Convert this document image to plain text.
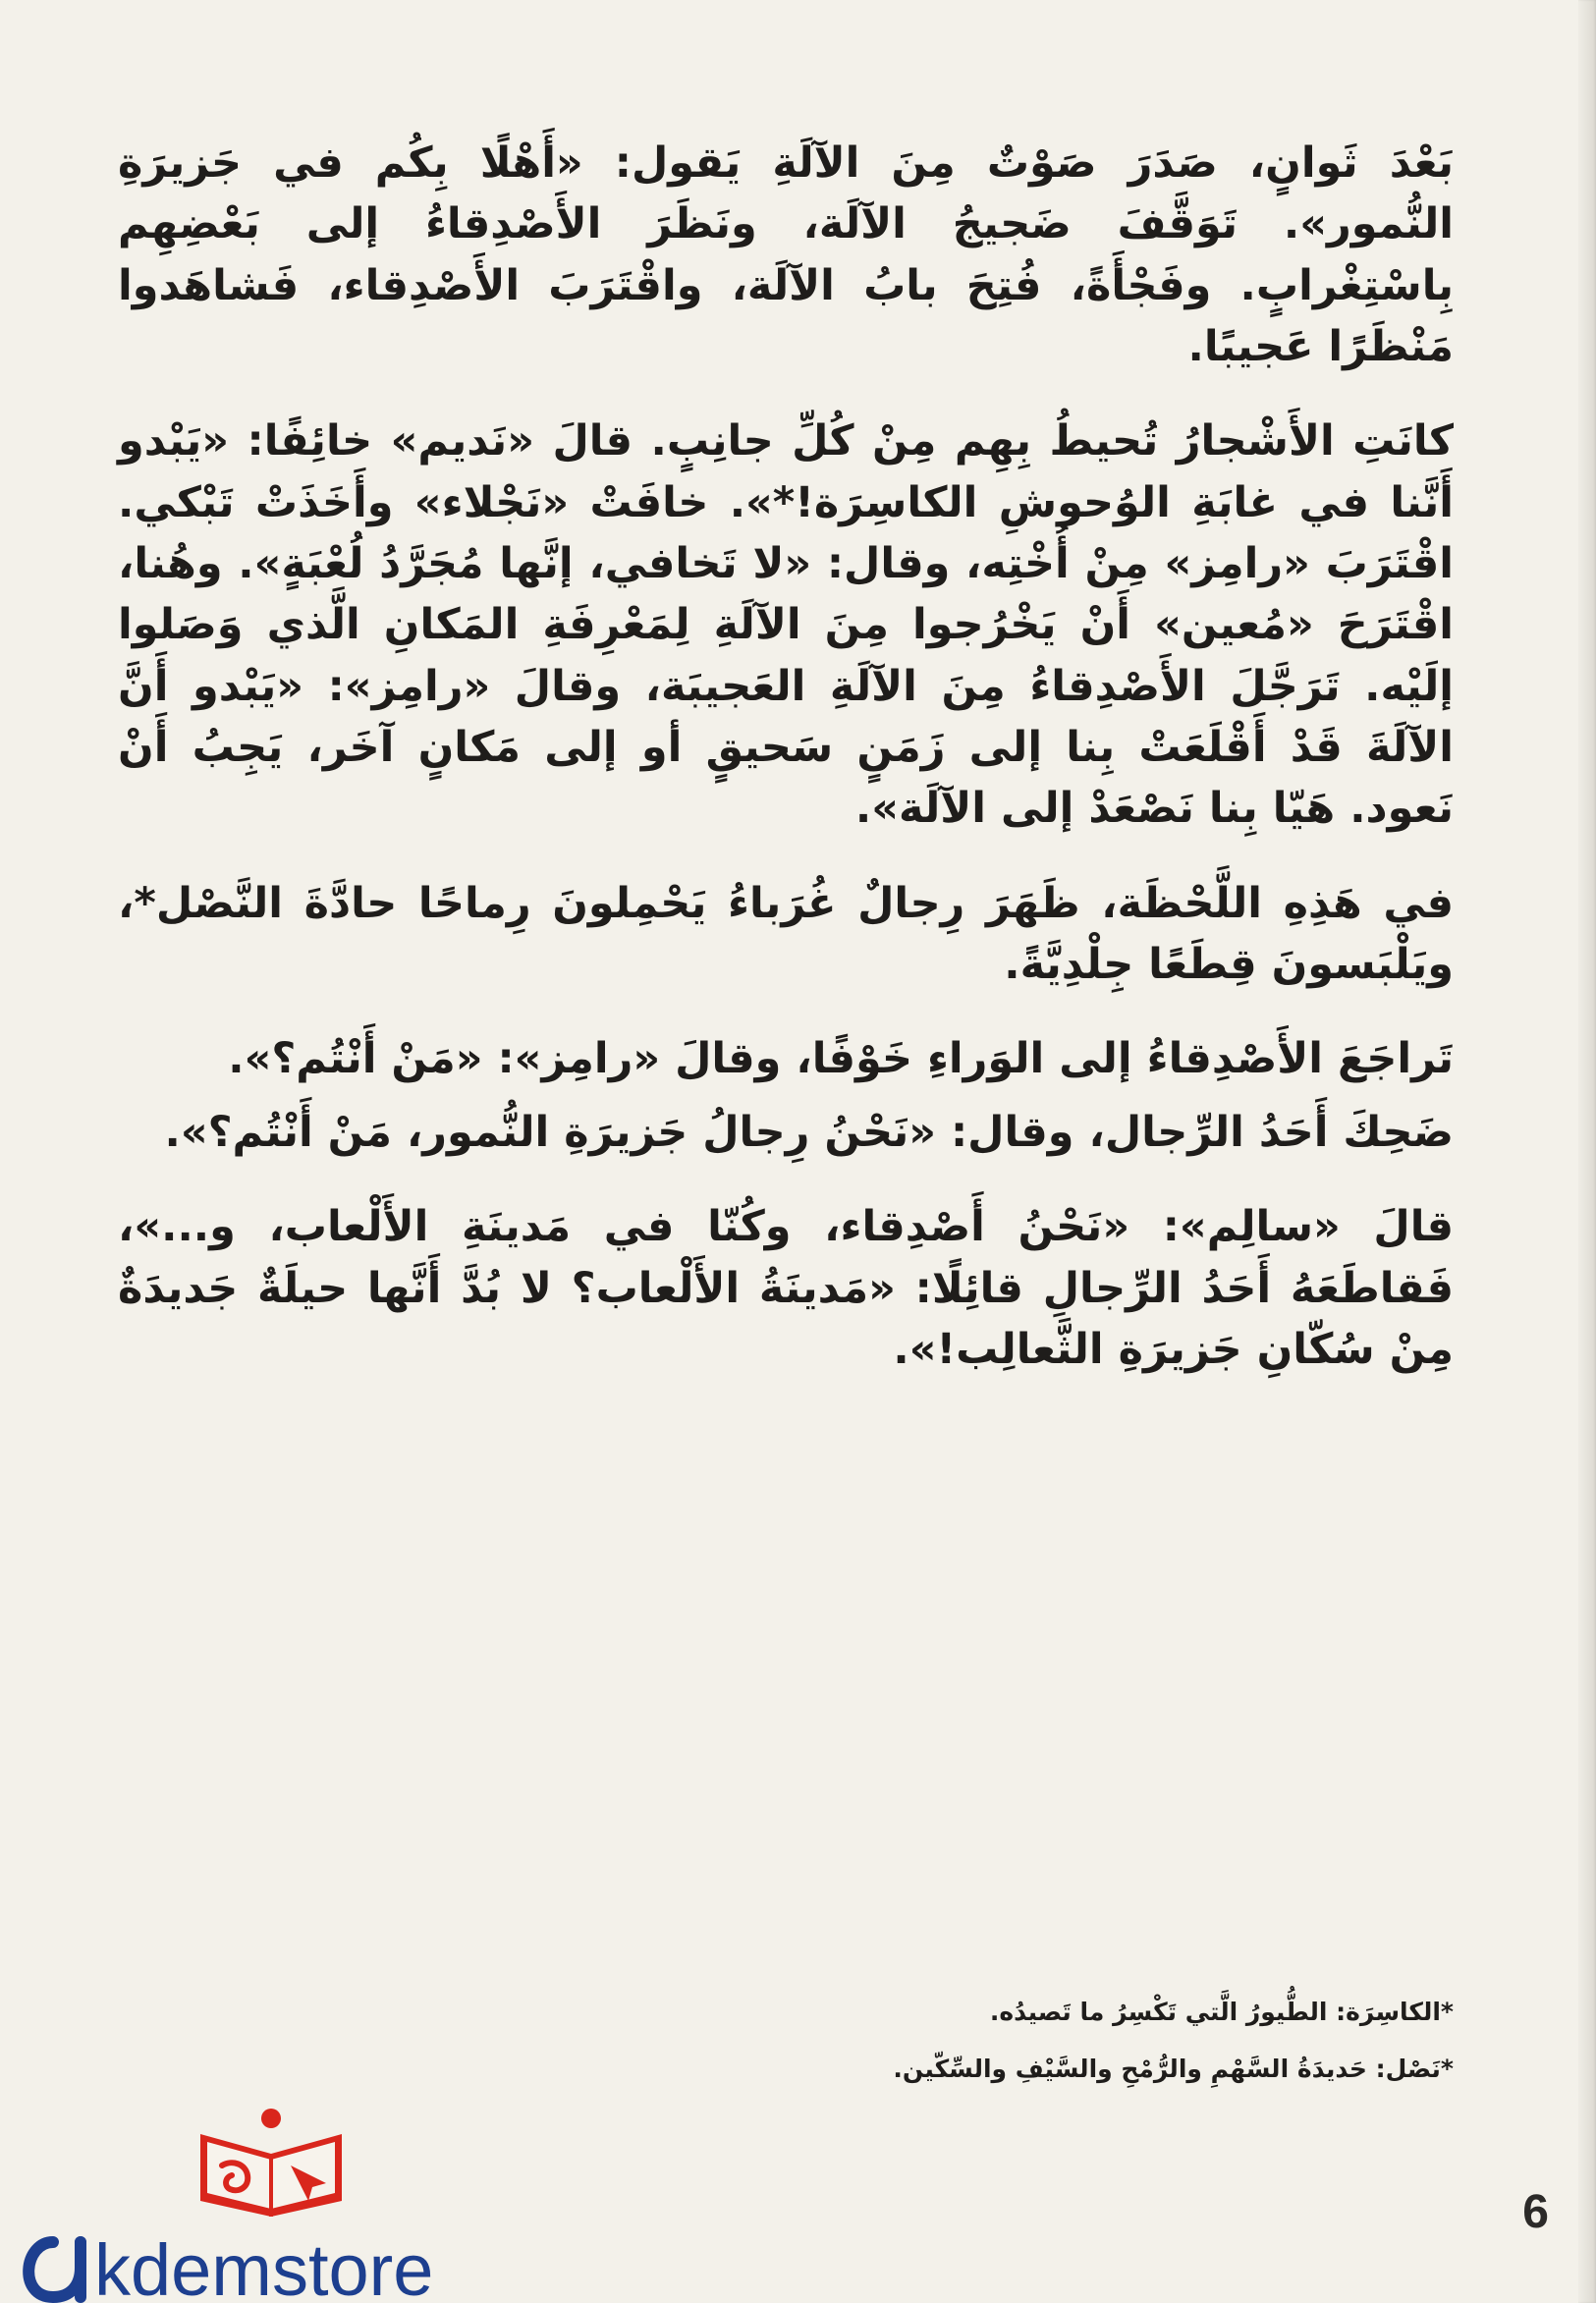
بَعْدَ ثَوانٍ، صَدَرَ صَوْتٌ مِنَ الآلَةِ يَقول: «أَهْلًا بِكُم في جَزيرَةِ النُّمور». تَوَقَّفَ ضَجيجُ الآلَة، ونَظَرَ الأَصْدِقاءُ إلى بَعْضِهِم بِاسْتِغْرابٍ. وفَجْأَةً، فُتِحَ بابُ الآلَة، واقْتَرَبَ الأَصْدِقاء، فَشاهَدوا مَنْظَرًا عَجيبًا.

كانَتِ الأَشْجارُ تُحيطُ بِهِم مِنْ كُلِّ جانِبٍ. قالَ «نَديم» خائِفًا: «يَبْدو أَنَّنا في غابَةِ الوُحوشِ الكاسِرَة!*». خافَتْ «نَجْلاء» وأَخَذَتْ تَبْكي. اقْتَرَبَ «رامِز» مِنْ أُخْتِه، وقال: «لا تَخافي، إنَّها مُجَرَّدُ لُعْبَةٍ». وهُنا، اقْتَرَحَ «مُعين» أَنْ يَخْرُجوا مِنَ الآلَةِ لِمَعْرِفَةِ المَكانِ الَّذي وَصَلوا إلَيْه. تَرَجَّلَ الأَصْدِقاءُ مِنَ الآلَةِ العَجيبَة، وقالَ «رامِز»: «يَبْدو أَنَّ الآلَةَ قَدْ أَقْلَعَتْ بِنا إلى زَمَنٍ سَحيقٍ أو إلى مَكانٍ آخَر، يَجِبُ أَنْ نَعود. هَيّا بِنا نَصْعَدْ إلى الآلَة».

في هَذِهِ اللَّحْظَة، ظَهَرَ رِجالٌ غُرَباءُ يَحْمِلونَ رِماحًا حادَّةَ النَّصْل*، ويَلْبَسونَ قِطَعًا جِلْدِيَّةً.

تَراجَعَ الأَصْدِقاءُ إلى الوَراءِ خَوْفًا، وقالَ «رامِز»: «مَنْ أَنْتُم؟».

ضَحِكَ أَحَدُ الرِّجال، وقال: «نَحْنُ رِجالُ جَزيرَةِ النُّمور، مَنْ أَنْتُم؟».

قالَ «سالِم»: «نَحْنُ أَصْدِقاء، وكُنّا في مَدينَةِ الأَلْعاب، و...»، فَقاطَعَهُ أَحَدُ الرِّجالِ قائِلًا: «مَدينَةُ الأَلْعاب؟ لا بُدَّ أَنَّها حيلَةٌ جَديدَةٌ مِنْ سُكّانِ جَزيرَةِ الثَّعالِب!».

*الكاسِرَة: الطُّيورُ الَّتي تَكْسِرُ ما تَصيدُه.
*نَصْل: حَديدَةُ السَّهْمِ والرُّمْحِ والسَّيْفِ والسِّكّين.
6
kdemstore
